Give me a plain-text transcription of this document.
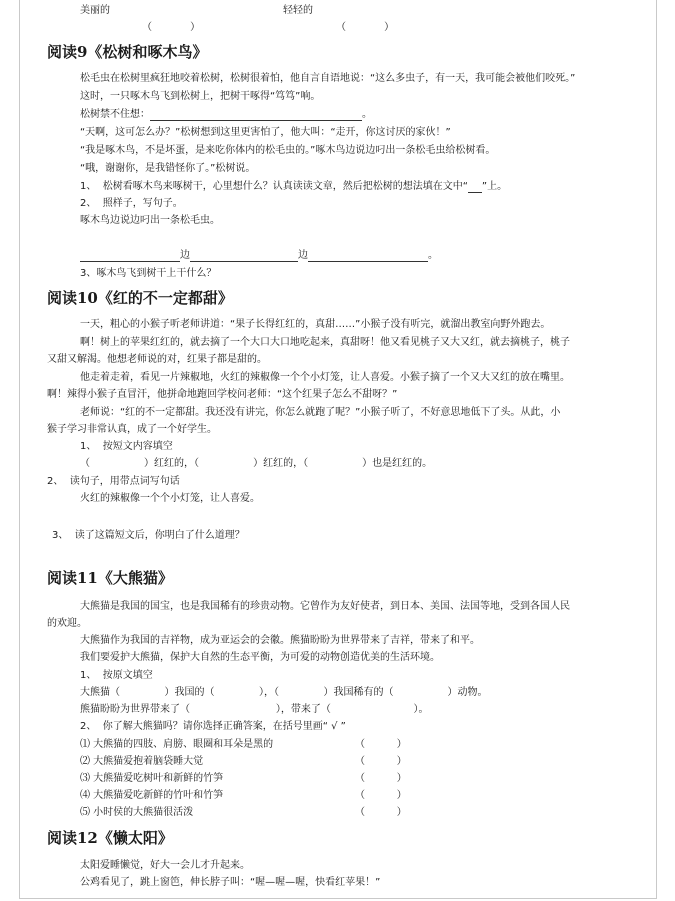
美丽的	轻轻的
（            ）	（            ）
阅读9《松树和啄木鸟》
松毛虫在松树里疯狂地咬着松树，松树很着怕，他自言自语地说：“这么多虫子，有一天，我可能会被他们咬死。”
这时，一只啄木鸟飞到松树上，把树干啄得“笃笃”响。
松树禁不住想：	。
“天啊，这可怎么办？”松树想到这里更害怕了，他大叫：“走开，你这讨厌的家伙！”
“我是啄木鸟，不是坏蛋，是来吃你体内的松毛虫的。”啄木鸟边说边叼出一条松毛虫给松树看。
“哦，谢谢你，是我错怪你了。”松树说。
1、  松树看啄木鸟来啄树干，心里想什么？认真读读文章，然后把松树的想法填在文中“ ”上。
2、  照样子，写句子。
啄木鸟边说边叼出一条松毛虫。
边	边	。
3、啄木鸟飞到树干上干什么？
阅读10《红的不一定都甜》
一天，粗心的小猴子听老师讲道：“果子长得红红的，真甜……”小猴子没有听完，就溜出教室向野外跑去。
啊！树上的苹果红红的，就去摘了一个大口大口地吃起来，真甜呀！他又看见桃子又大又红，就去摘桃子，桃子
又甜又解渴。他想老师说的对，红果子都是甜的。
他走着走着，看见一片辣椒地，火红的辣椒像一个个小灯笼，让人喜爱。小猴子摘了一个又大又红的放在嘴里。
啊！辣得小猴子直冒汗，他拼命地跑回学校问老师：“这个红果子怎么不甜呀？”
老师说：“红的不一定都甜。我还没有讲完，你怎么就跑了呢？”小猴子听了，不好意思地低下了头。从此，小
猴子学习非常认真，成了一个好学生。
1、  按短文内容填空
（                 ）红红的，（                 ）红红的，（                 ）也是红红的。
2、  读句子，用带点词写句话
火红的辣椒像一个个小灯笼，让人喜爱。
3、  读了这篇短文后，你明白了什么道理？
阅读11《大熊猫》
大熊猫是我国的国宝，也是我国稀有的珍贵动物。它曾作为友好使者，到日本、美国、法国等地，受到各国人民
的欢迎。
大熊猫作为我国的吉祥物，成为亚运会的会徽。熊猫盼盼为世界带来了吉祥，带来了和平。
我们要爱护大熊猫，保护大自然的生态平衡，为可爱的动物创造优美的生活环境。
1、  按原文填空
大熊猫（              ）我国的（              ），（              ）我国稀有的（                 ）动物。
熊猫盼盼为世界带来了（                           ），带来了（                          ）。
2、  你了解大熊猫吗？请你选择正确答案，在括号里画“ √ ”
⑴ 大熊猫的四肢、肩膀、眼圈和耳朵是黑的	（          ）
⑵ 大熊猫爱抱着脑袋睡大觉	（          ）
⑶ 大熊猫爱吃树叶和新鲜的竹笋	（          ）
⑷ 大熊猫爱吃新鲜的竹叶和竹笋	（          ）
⑸ 小时侯的大熊猫很活泼	（          ）
阅读12《懒太阳》
太阳爱睡懒觉，好大一会儿才升起来。
公鸡看见了，跳上窗笆，伸长脖子叫：“喔—喔—喔，快看红苹果！”
